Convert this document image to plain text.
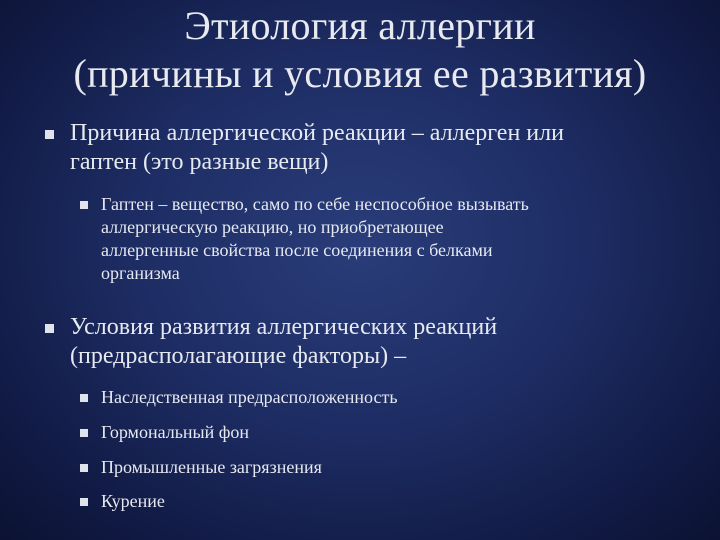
Этиология аллергии
(причины и условия ее развития)
Причина аллергической реакции – аллерген или
гаптен (это разные вещи)
Гаптен – вещество, само по себе неспособное вызывать
аллергическую реакцию, но приобретающее
аллергенные свойства после соединения с белками
организма
Условия развития аллергических реакций
(предрасполагающие факторы) –
Наследственная предрасположенность
Гормональный фон
Промышленные загрязнения
Курение
